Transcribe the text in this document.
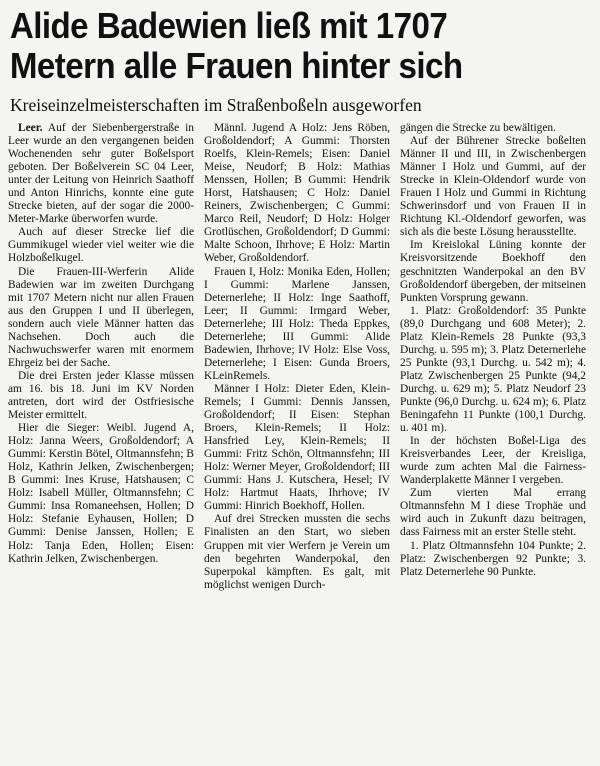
Alide Badewien ließ mit 1707
Metern alle Frauen hinter sich
Kreiseinzelmeisterschaften im Straßenboßeln ausgeworfen

Leer. Auf der Siebenbergerstraße in Leer wurde an den vergangenen beiden Wochenenden sehr guter Boßelsport geboten. Der Boßelverein SC 04 Leer, unter der Leitung von Heinrich Saathoff und Anton Hinrichs, konnte eine gute Strecke bieten, auf der sogar die 2000-Meter-Marke überworfen wurde.

Auch auf dieser Strecke lief die Gummikugel wieder viel weiter wie die Holzboßelkugel.

Die Frauen-III-Werferin Alide Badewien war im zweiten Durchgang mit 1707 Metern nicht nur allen Frauen aus den Gruppen I und II überlegen, sondern auch viele Männer hatten das Nachsehen. Doch auch die Nachwuchswerfer waren mit enormem Ehrgeiz bei der Sache.

Die drei Ersten jeder Klasse müssen am 16. bis 18. Juni im KV Norden antreten, dort wird der Ostfriesische Meister ermittelt.

Hier die Sieger: Weibl. Jugend A, Holz: Janna Weers, Großoldendorf; A Gummi: Kerstin Bötel, Oltmannsfehn; B Holz, Kathrin Jelken, Zwischenbergen; B Gummi: Ines Kruse, Hatshausen; C Holz: Isabell Müller, Oltmannsfehn; C Gummi: Insa Romaneehsen, Hollen; D Holz: Stefanie Eyhausen, Hollen; D Gummi: Denise Janssen, Hollen; E Holz: Tanja Eden, Hollen; Eisen: Kathrin Jelken, Zwischenbergen.

Männl. Jugend A Holz: Jens Röben, Großoldendorf; A Gummi: Thorsten Roelfs, Klein-Remels; Eisen: Daniel Meise, Neudorf; B Holz: Mathias Menssen, Hollen; B Gummi: Hendrik Horst, Hatshausen; C Holz: Daniel Reiners, Zwischenbergen; C Gummi: Marco Reil, Neudorf; D Holz: Holger Grotlüschen, Großoldendorf; D Gummi: Malte Schoon, Ihrhove; E Holz: Martin Weber, Großoldendorf.

Frauen I, Holz: Monika Eden, Hollen; I Gummi: Marlene Janssen, Deternerlehe; II Holz: Inge Saathoff, Leer; II Gummi: Irmgard Weber, Deternerlehe; III Holz: Theda Eppkes, Deternerlehe; III Gummi: Alide Badewien, Ihrhove; IV Holz: Else Voss, Deternerlehe; I Eisen: Gunda Broers, KLeinRemels.

Männer I Holz: Dieter Eden, Klein-Remels; I Gummi: Dennis Janssen, Großoldendorf; II Eisen: Stephan Broers, Klein-Remels; II Holz: Hansfried Ley, Klein-Remels; II Gummi: Fritz Schön, Oltmannsfehn; III Holz: Werner Meyer, Großoldendorf; III Gummi: Hans J. Kutschera, Hesel; IV Holz: Hartmut Haats, Ihrhove; IV Gummi: Hinrich Boekhoff, Hollen.

Auf drei Strecken mussten die sechs Finalisten an den Start, wo sieben Gruppen mit vier Werfern je Verein um den begehrten Wanderpokal, den Superpokal kämpften. Es galt, mit möglichst wenigen Durch-

gängen die Strecke zu bewältigen.

Auf der Bührener Strecke boßelten Männer II und III, in Zwischenbergen Männer I Holz und Gummi, auf der Strecke in Klein-Oldendorf wurde von Frauen I Holz und Gummi in Richtung Schwerinsdorf und von Frauen II in Richtung Kl.-Oldendorf geworfen, was sich als die beste Lösung herausstellte.

Im Kreislokal Lüning konnte der Kreisvorsitzende Boekhoff den geschnitzten Wanderpokal an den BV Großoldendorf übergeben, der mitseinen Punkten Vorsprung gewann.

1. Platz: Großoldendorf: 35 Punkte (89,0 Durchgang und 608 Meter); 2. Platz Klein-Remels 28 Punkte (93,3 Durchg. u. 595 m); 3. Platz Deternerlehe 25 Punkte (93,1 Durchg. u. 542 m); 4. Platz Zwischenbergen 25 Punkte (94,2 Durchg. u. 629 m); 5. Platz Neudorf 23 Punkte (96,0 Durchg. u. 624 m); 6. Platz Beningafehn 11 Punkte (100,1 Durchg. u. 401 m).

In der höchsten Boßel-Liga des Kreisverbandes Leer, der Kreisliga, wurde zum achten Mal die Fairness-Wanderplakette Männer I vergeben.

Zum vierten Mal errang Oltmannsfehn M I diese Trophäe und wird auch in Zukunft dazu beitragen, dass Fairness mit an erster Stelle steht.

1. Platz Oltmannsfehn 104 Punkte; 2. Platz: Zwischenbergen 92 Punkte; 3. Platz Deternerlehe 90 Punkte.
